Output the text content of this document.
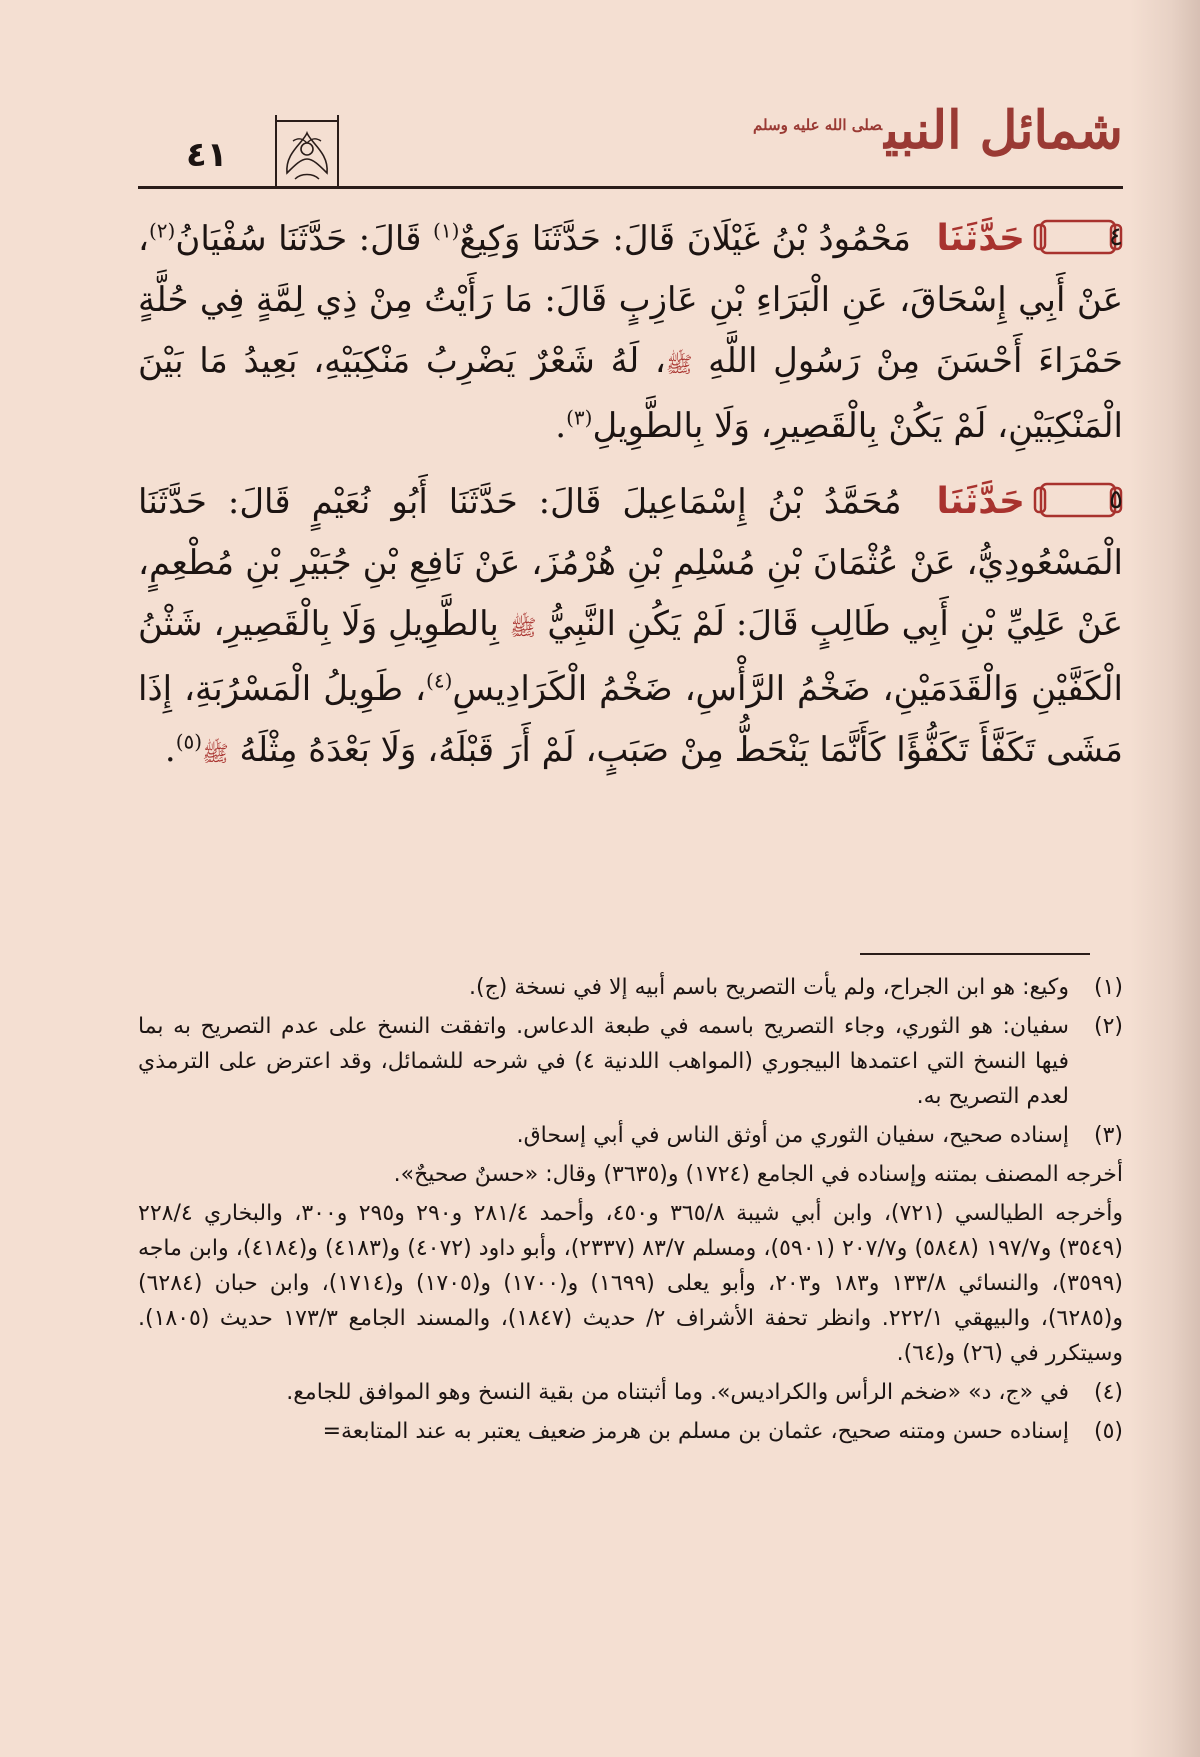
٤١	شمائل النبي$^{صلى الله عليه وسلم}$

٤
حَدَّثَنَا مَحْمُودُ بْنُ غَيْلَانَ قَالَ: حَدَّثَنَا وَكِيعٌ$^{(١)}$ قَالَ: حَدَّثَنَا سُفْيَانُ$^{(٢)}$، عَنْ أَبِي إِسْحَاقَ، عَنِ الْبَرَاءِ بْنِ عَازِبٍ قَالَ: مَا رَأَيْتُ مِنْ ذِي لِمَّةٍ فِي حُلَّةٍ حَمْرَاءَ أَحْسَنَ مِنْ رَسُولِ اللَّهِ ﷺ، لَهُ شَعْرٌ يَضْرِبُ مَنْكِبَيْهِ، بَعِيدُ مَا بَيْنَ الْمَنْكِبَيْنِ، لَمْ يَكُنْ بِالْقَصِيرِ، وَلَا بِالطَّوِيلِ$^{(٣)}$.

٥
حَدَّثَنَا مُحَمَّدُ بْنُ إِسْمَاعِيلَ قَالَ: حَدَّثَنَا أَبُو نُعَيْمٍ قَالَ: حَدَّثَنَا الْمَسْعُودِيُّ، عَنْ عُثْمَانَ بْنِ مُسْلِمِ بْنِ هُرْمُزَ، عَنْ نَافِعِ بْنِ جُبَيْرِ بْنِ مُطْعِمٍ، عَنْ عَلِيِّ بْنِ أَبِي طَالِبٍ قَالَ: لَمْ يَكُنِ النَّبِيُّ ﷺ بِالطَّوِيلِ وَلَا بِالْقَصِيرِ، شَثْنُ الْكَفَّيْنِ وَالْقَدَمَيْنِ، ضَخْمُ الرَّأْسِ، ضَخْمُ الْكَرَادِيسِ$^{(٤)}$، طَوِيلُ الْمَسْرُبَةِ، إِذَا مَشَى تَكَفَّأَ تَكَفُّؤًا كَأَنَّمَا يَنْحَطُّ مِنْ صَبَبٍ، لَمْ أَرَ قَبْلَهُ، وَلَا بَعْدَهُ مِثْلَهُ ﷺ$^{(٥)}$.

(١)
وكيع: هو ابن الجراح، ولم يأت التصريح باسم أبيه إلا في نسخة (ج).
(٢)
سفيان: هو الثوري، وجاء التصريح باسمه في طبعة الدعاس. واتفقت النسخ على عدم التصريح به بما فيها النسخ التي اعتمدها البيجوري (المواهب اللدنية ٤) في شرحه للشمائل، وقد اعترض على الترمذي لعدم التصريح به.
(٣)
إسناده صحيح، سفيان الثوري من أوثق الناس في أبي إسحاق.
أخرجه المصنف بمتنه وإسناده في الجامع (١٧٢٤) و(٣٦٣٥) وقال: «حسنٌ صحيحٌ».
وأخرجه الطيالسي (٧٢١)، وابن أبي شيبة ٣٦٥/٨ و٤٥٠، وأحمد ٢٨١/٤ و٢٩٠ و٢٩٥ و٣٠٠، والبخاري ٢٢٨/٤ (٣٥٤٩) و١٩٧/٧ (٥٨٤٨) و٢٠٧/٧ (٥٩٠١)، ومسلم ٨٣/٧ (٢٣٣٧)، وأبو داود (٤٠٧٢) و(٤١٨٣) و(٤١٨٤)، وابن ماجه (٣٥٩٩)، والنسائي ١٣٣/٨ و١٨٣ و٢٠٣، وأبو يعلى (١٦٩٩) و(١٧٠٠) و(١٧٠٥) و(١٧١٤)، وابن حبان (٦٢٨٤) و(٦٢٨٥)، والبيهقي ٢٢٢/١. وانظر تحفة الأشراف ٢/ حديث (١٨٤٧)، والمسند الجامع ١٧٣/٣ حديث (١٨٠٥). وسيتكرر في (٢٦) و(٦٤).
(٤)
في «ج، د» «ضخم الرأس والكراديس». وما أثبتناه من بقية النسخ وهو الموافق للجامع.
(٥)
إسناده حسن ومتنه صحيح، عثمان بن مسلم بن هرمز ضعيف يعتبر به عند المتابعة=
